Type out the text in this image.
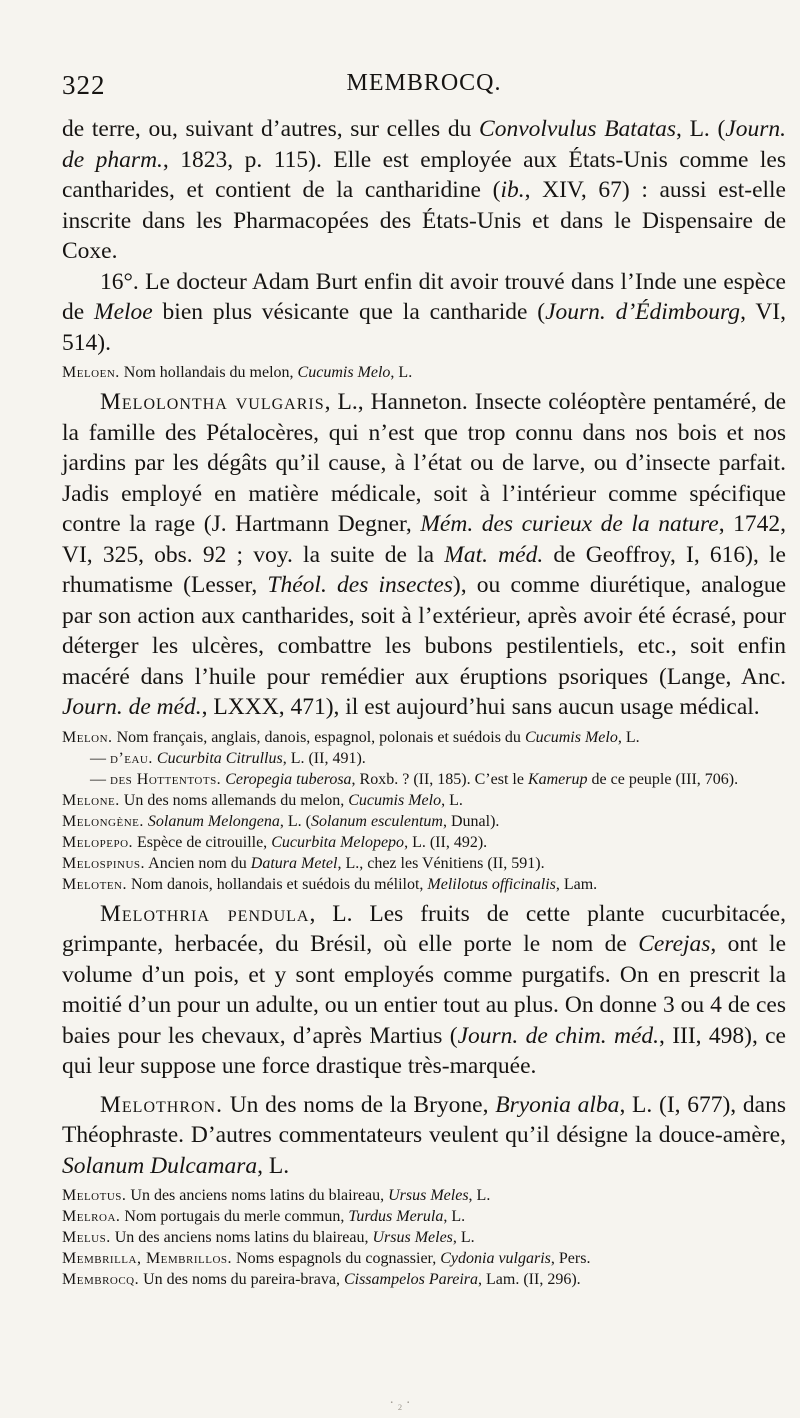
322	MEMBROCQ.

de terre, ou, suivant d’autres, sur celles du Convolvulus Batatas, L. (Journ. de pharm., 1823, p. 115). Elle est employée aux États-Unis comme les cantharides, et contient de la cantharidine (ib., XIV, 67) : aussi est-elle inscrite dans les Pharmacopées des États-Unis et dans le Dispensaire de Coxe.

16°. Le docteur Adam Burt enfin dit avoir trouvé dans l’Inde une espèce de Meloe bien plus vésicante que la cantharide (Journ. d’Édimbourg, VI, 514).

Meloen. Nom hollandais du melon, Cucumis Melo, L.

Melolontha vulgaris, L., Hanneton. Insecte coléoptère pentaméré, de la famille des Pétalocères, qui n’est que trop connu dans nos bois et nos jardins par les dégâts qu’il cause, à l’état ou de larve, ou d’insecte parfait. Jadis employé en matière médicale, soit à l’intérieur comme spécifique contre la rage (J. Hartmann Degner, Mém. des curieux de la nature, 1742, VI, 325, obs. 92 ; voy. la suite de la Mat. méd. de Geoffroy, I, 616), le rhumatisme (Lesser, Théol. des insectes), ou comme diurétique, analogue par son action aux cantharides, soit à l’extérieur, après avoir été écrasé, pour déterger les ulcères, combattre les bubons pestilentiels, etc., soit enfin macéré dans l’huile pour remédier aux éruptions psoriques (Lange, Anc. Journ. de méd., LXXX, 471), il est aujourd’hui sans aucun usage médical.

Melon. Nom français, anglais, danois, espagnol, polonais et suédois du Cucumis Melo, L.

— d’eau. Cucurbita Citrullus, L. (II, 491).

— des Hottentots. Ceropegia tuberosa, Roxb. ? (II, 185). C’est le Kamerup de ce peuple (III, 706).

Melone. Un des noms allemands du melon, Cucumis Melo, L.

Melongène. Solanum Melongena, L. (Solanum esculentum, Dunal).

Melopepo. Espèce de citrouille, Cucurbita Melopepo, L. (II, 492).

Melospinus. Ancien nom du Datura Metel, L., chez les Vénitiens (II, 591).

Meloten. Nom danois, hollandais et suédois du mélilot, Melilotus officinalis, Lam.

Melothria pendula, L. Les fruits de cette plante cucurbitacée, grimpante, herbacée, du Brésil, où elle porte le nom de Cerejas, ont le volume d’un pois, et y sont employés comme purgatifs. On en prescrit la moitié d’un pour un adulte, ou un entier tout au plus. On donne 3 ou 4 de ces baies pour les chevaux, d’après Martius (Journ. de chim. méd., III, 498), ce qui leur suppose une force drastique très-marquée.

Melothron. Un des noms de la Bryone, Bryonia alba, L. (I, 677), dans Théophraste. D’autres commentateurs veulent qu’il désigne la douce-amère, Solanum Dulcamara, L.

Melotus. Un des anciens noms latins du blaireau, Ursus Meles, L.

Melroa. Nom portugais du merle commun, Turdus Merula, L.

Melus. Un des anciens noms latins du blaireau, Ursus Meles, L.

Membrilla, Membrillos. Noms espagnols du cognassier, Cydonia vulgaris, Pers.

Membrocq. Un des noms du pareira-brava, Cissampelos Pareira, Lam. (II, 296).

· ₂ ·
